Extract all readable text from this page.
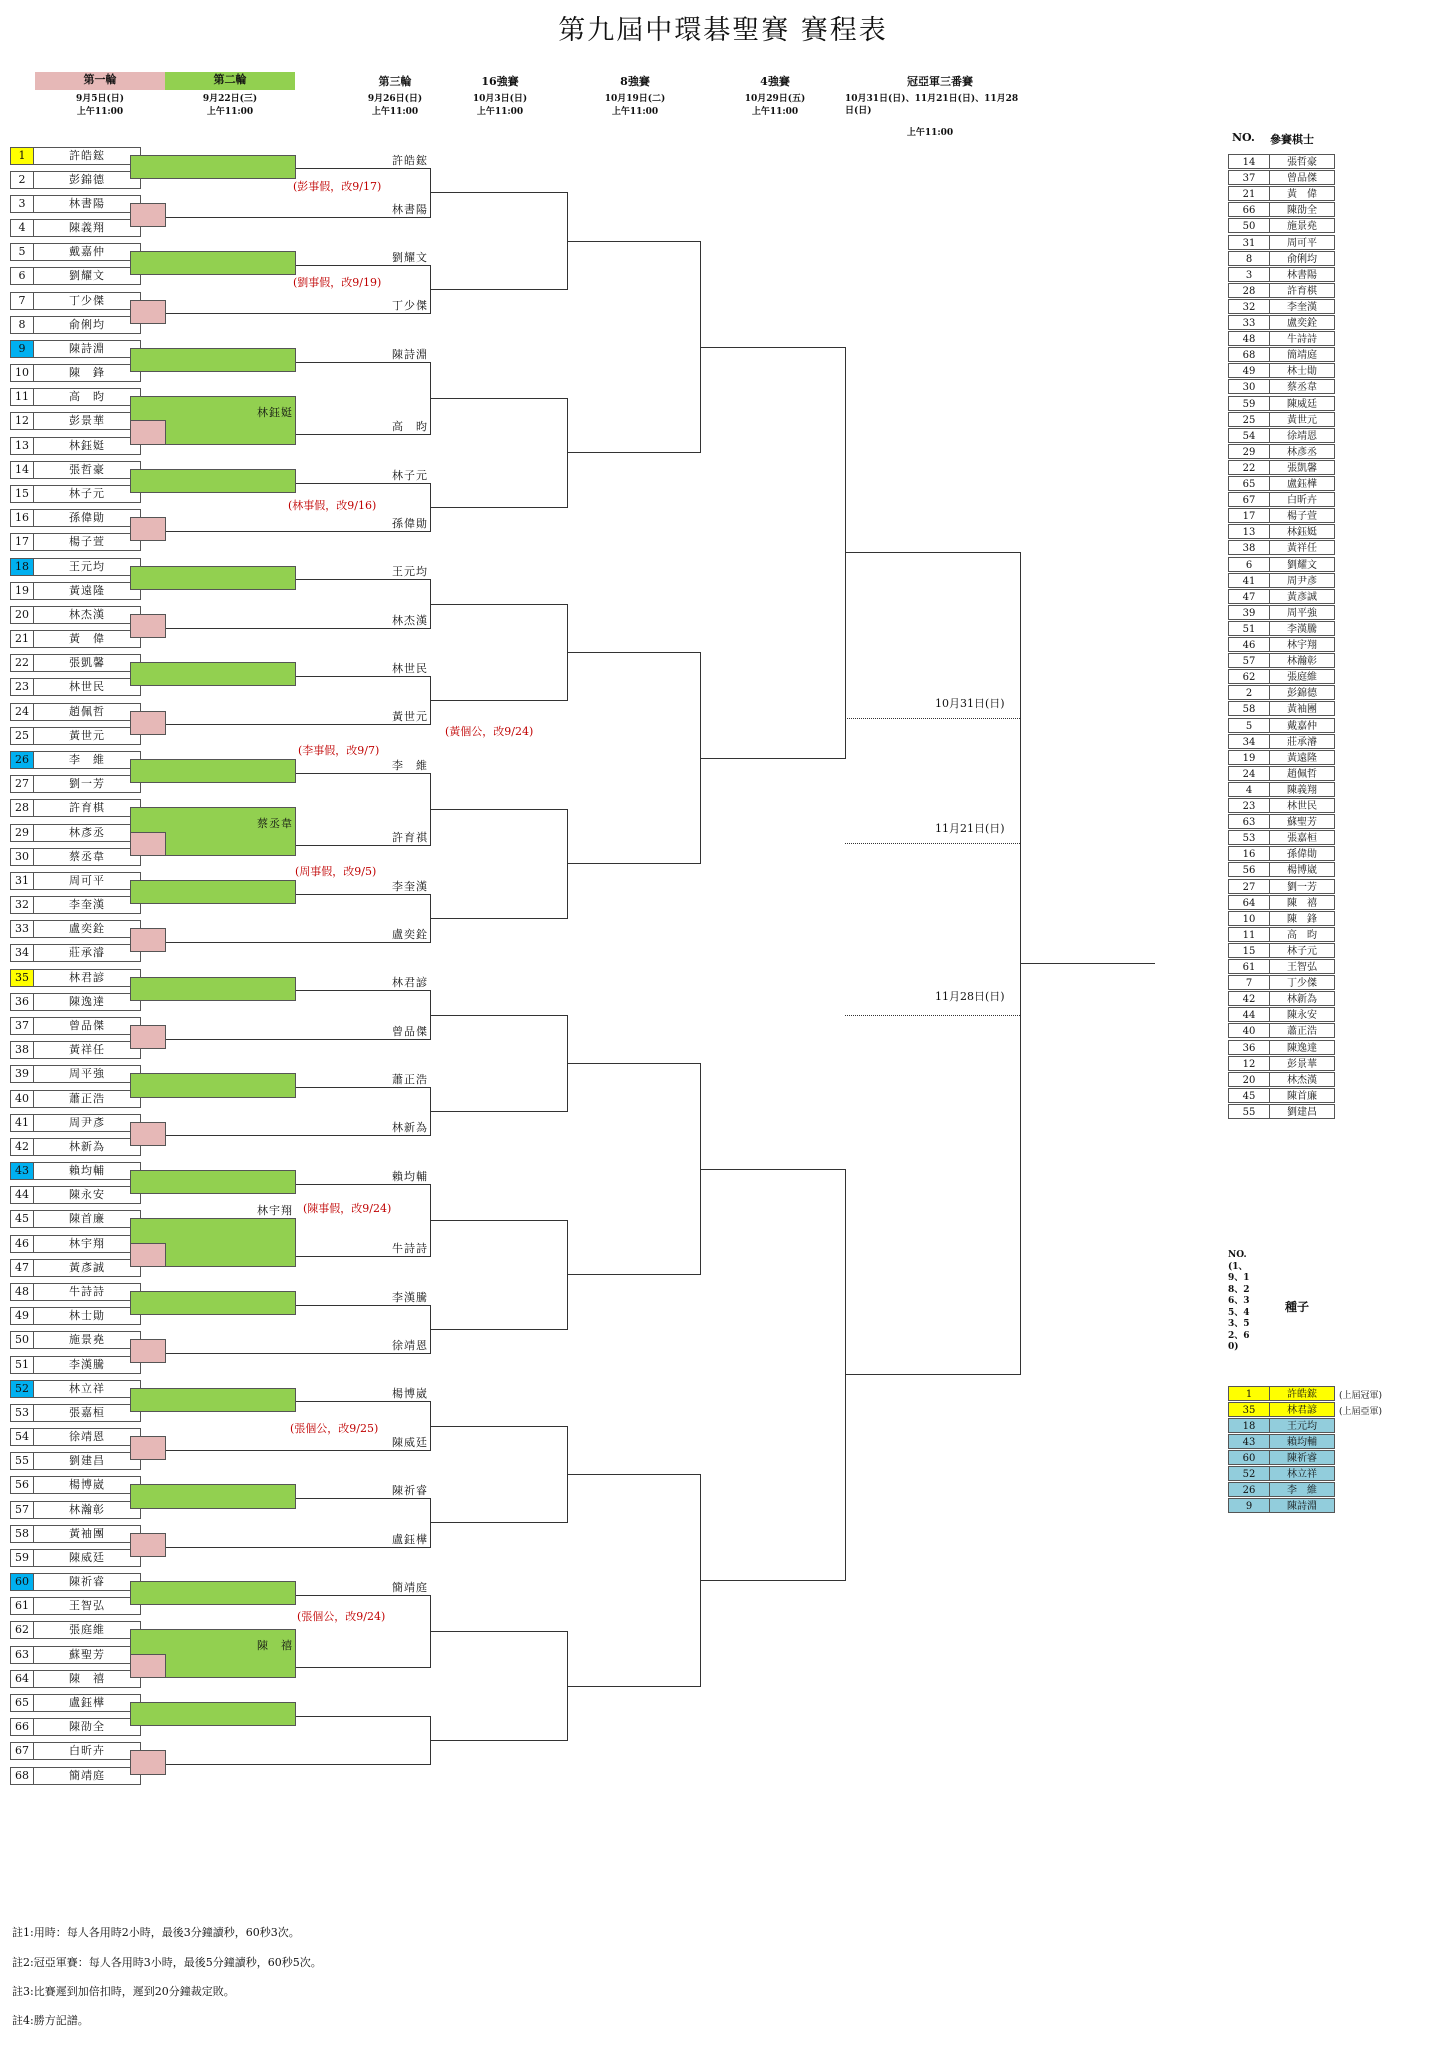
第九屆中環碁聖賽 賽程表
第一輪
9月5日(日)
上午11:00
第二輪
9月22日(三)
上午11:00
第三輪
9月26日(日)
上午11:00
16強賽
10月3日(日)
上午11:00
8強賽
10月19日(二)
上午11:00
4強賽
10月29日(五)
上午11:00
冠亞軍三番賽
10月31日(日)、11月21日(日)、11月28日(日)
上午11:00
1	許皓鋐
2	彭錦德
3	林書陽
4	陳義翔
5	戴嘉仲
6	劉耀文
7	丁少傑
8	俞俐均
9	陳詩淵
10	陳　鋒
11	高　昀
12	彭景華
13	林鈺娗
14	張哲豪
15	林子元
16	孫偉勛
17	楊子萱
18	王元均
19	黃遠隆
20	林杰漢
21	黃　偉
22	張凱馨
23	林世民
24	趙佩哲
25	黃世元
26	李　維
27	劉一芳
28	許育棋
29	林彥丞
30	蔡丞韋
31	周可平
32	李奎漢
33	盧奕銓
34	莊承濬
35	林君諺
36	陳逸達
37	曾品傑
38	黃祥任
39	周平強
40	蕭正浩
41	周尹彥
42	林新為
43	賴均輔
44	陳永安
45	陳首廉
46	林宇翔
47	黃彥誠
48	牛詩詩
49	林士勛
50	施景堯
51	李漢騰
52	林立祥
53	張嘉桓
54	徐靖恩
55	劉建昌
56	楊博崴
57	林瀚彰
58	黃袖團
59	陳威廷
60	陳祈睿
61	王智弘
62	張庭維
63	蘇聖芳
64	陳　禧
65	盧鈺樺
66	陳劭全
67	白昕卉
68	簡靖庭
許皓鋐
林書陽
劉耀文
丁少傑
陳詩淵
高　昀
林子元
孫偉勛
王元均
林杰漢
林世民
黃世元
李　維
許育祺
李奎漢
盧奕銓
林君諺
曾品傑
蕭正浩
林新為
賴均輔
牛詩詩
李漢騰
徐靖恩
楊博崴
陳威廷
陳祈睿
盧鈺樺
簡靖庭
林鈺娗
蔡丞韋
林宇翔
陳　禧
(彭事假，改9/17)
(劉事假，改9/19)
(林事假，改9/16)
(黃個公，改9/24)
(李事假，改9/7)
(周事假，改9/5)
(陳事假，改9/24)
(張個公，改9/25)
(張個公，改9/24)
10月31日(日)
11月21日(日)
11月28日(日)
NO. 參賽棋士
14	張哲豪
37	曾品傑
21	黃　偉
66	陳劭全
50	施景堯
31	周可平
8	俞俐均
3	林書陽
28	許育棋
32	李奎漢
33	盧奕銓
48	牛詩詩
68	簡靖庭
49	林士勛
30	蔡丞韋
59	陳威廷
25	黃世元
54	徐靖恩
29	林彥丞
22	張凱馨
65	盧鈺樺
67	白昕卉
17	楊子萱
13	林鈺娗
38	黃祥任
6	劉耀文
41	周尹彥
47	黃彥誠
39	周平強
51	李漢騰
46	林宇翔
57	林瀚彰
62	張庭維
2	彭錦德
58	黃袖團
5	戴嘉仲
34	莊承濬
19	黃遠隆
24	趙佩哲
4	陳義翔
23	林世民
63	蘇聖芳
53	張嘉桓
16	孫偉勛
56	楊博崴
27	劉一芳
64	陳　禧
10	陳　鋒
11	高　昀
15	林子元
61	王智弘
7	丁少傑
42	林新為
44	陳永安
40	蕭正浩
36	陳逸達
12	彭景華
20	林杰漢
45	陳首廉
55	劉建昌
NO.(1、9、18、26、35、43、52、60)
種子
1	許皓鋐	(上屆冠軍)
35	林君諺	(上屆亞軍)
18	王元均
43	賴均輔
60	陳祈睿
52	林立祥
26	李　維
9	陳詩淵
註1:用時：每人各用時2小時，最後3分鐘讀秒，60秒3次。
註2:冠亞軍賽：每人各用時3小時，最後5分鐘讀秒，60秒5次。
註3:比賽遲到加倍扣時，遲到20分鐘裁定敗。
註4:勝方記譜。
